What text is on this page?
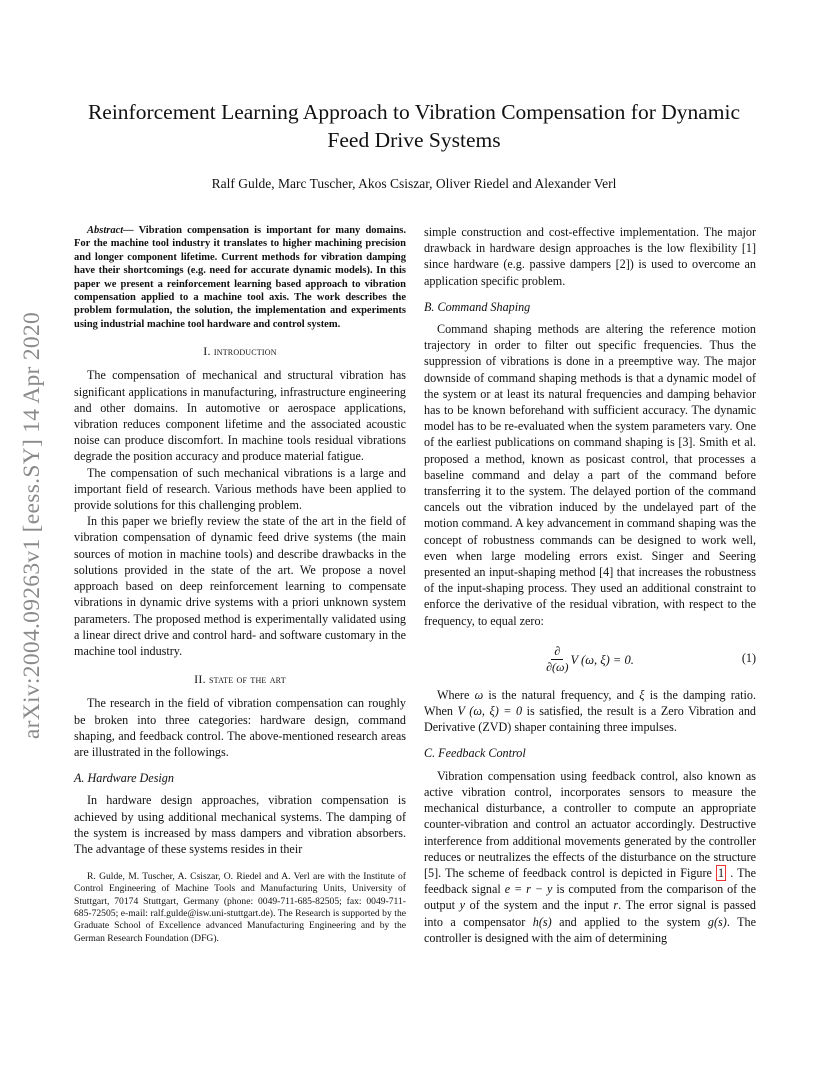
arXiv:2004.09263v1 [eess.SY] 14 Apr 2020
Reinforcement Learning Approach to Vibration Compensation for Dynamic
Feed Drive Systems
Ralf Gulde, Marc Tuscher, Akos Csiszar, Oliver Riedel and Alexander Verl

Abstract— Vibration compensation is important for many domains. For the machine tool industry it translates to higher machining precision and longer component lifetime. Current methods for vibration damping have their shortcomings (e.g. need for accurate dynamic models). In this paper we present a reinforcement learning based approach to vibration compensation applied to a machine tool axis. The work describes the problem formulation, the solution, the implementation and experiments using industrial machine tool hardware and control system.

I. introduction

The compensation of mechanical and structural vibration has significant applications in manufacturing, infrastructure engineering and other domains. In automotive or aerospace applications, vibration reduces component lifetime and the associated acoustic noise can produce discomfort. In machine tools residual vibrations degrade the position accuracy and produce material fatigue.

The compensation of such mechanical vibrations is a large and important field of research. Various methods have been applied to provide solutions for this challenging problem.

In this paper we briefly review the state of the art in the field of vibration compensation of dynamic feed drive systems (the main sources of motion in machine tools) and describe drawbacks in the solutions provided in the state of the art. We propose a novel approach based on deep reinforcement learning to compensate vibrations in dynamic drive systems with a priori unknown system parameters. The proposed method is experimentally validated using a linear direct drive and control hard- and software customary in the machine tool industry.

II. state of the art

The research in the field of vibration compensation can roughly be broken into three categories: hardware design, command shaping, and feedback control. The above-mentioned research areas are illustrated in the followings.

A. Hardware Design

In hardware design approaches, vibration compensation is achieved by using additional mechanical systems. The damping of the system is increased by mass dampers and vibration absorbers. The advantage of these systems resides in their

R. Gulde, M. Tuscher, A. Csiszar, O. Riedel and A. Verl are with the Institute of Control Engineering of Machine Tools and Manufacturing Units, University of Stuttgart, 70174 Stuttgart, Germany (phone: 0049-711-685-82505; fax: 0049-711-685-72505; e-mail: ralf.gulde@isw.uni-stuttgart.de). The Research is supported by the Graduate School of Excellence advanced Manufacturing Engineering and by the German Research Foundation (DFG).

simple construction and cost-effective implementation. The major drawback in hardware design approaches is the low flexibility [1] since hardware (e.g. passive dampers [2]) is used to overcome an application specific problem.

B. Command Shaping

Command shaping methods are altering the reference motion trajectory in order to filter out specific frequencies. Thus the suppression of vibrations is done in a preemptive way. The major downside of command shaping methods is that a dynamic model of the system or at least its natural frequencies and damping behavior has to be known beforehand with sufficient accuracy. The dynamic model has to be re-evaluated when the system parameters vary. One of the earliest publications on command shaping is [3]. Smith et al. proposed a method, known as posicast control, that processes a baseline command and delay a part of the command before transferring it to the system. The delayed portion of the command cancels out the vibration induced by the undelayed part of the motion command. A key advancement in command shaping was the concept of robustness commands can be designed to work well, even when large modeling errors exist. Singer and Seering presented an input-shaping method [4] that increases the robustness of the input-shaping process. They used an additional constraint to enforce the derivative of the residual vibration, with respect to the frequency, to equal zero:

$\frac{\partial}{\partial(\omega)}$ V (ω, ξ) = 0.	(1)

Where ω is the natural frequency, and ξ is the damping ratio. When V (ω, ξ) = 0 is satisfied, the result is a Zero Vibration and Derivative (ZVD) shaper containing three impulses.

C. Feedback Control

Vibration compensation using feedback control, also known as active vibration control, incorporates sensors to measure the mechanical disturbance, a controller to compute an appropriate counter-vibration and control an actuator accordingly. Destructive interference from additional movements generated by the controller reduces or neutralizes the effects of the disturbance on the structure [5]. The scheme of feedback control is depicted in Figure 1 . The feedback signal e = r − y is computed from the comparison of the output y of the system and the input r. The error signal is passed into a compensator h(s) and applied to the system g(s). The controller is designed with the aim of determining
